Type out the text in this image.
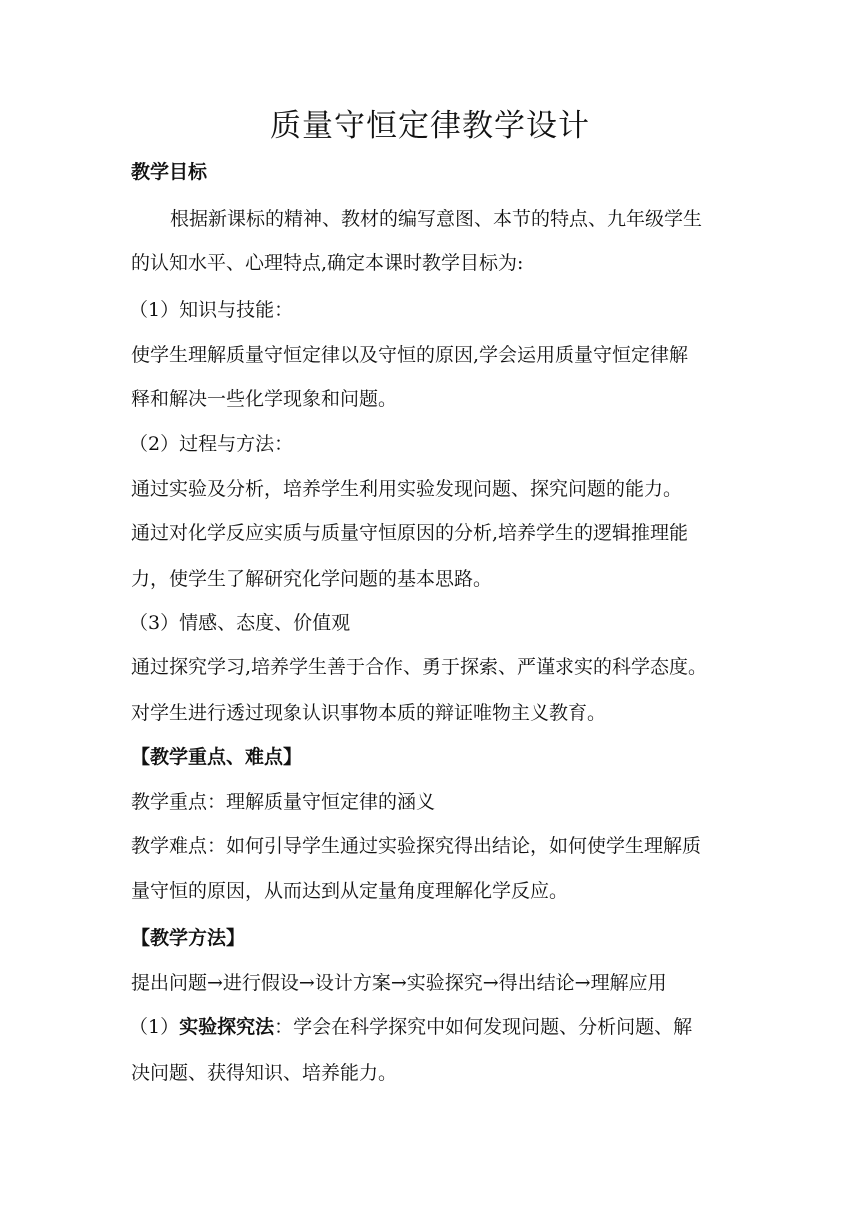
质量守恒定律教学设计

教学目标

根据新课标的精神、教材的编写意图、本节的特点、九年级学生

的认知水平、心理特点,确定本课时教学目标为:

（1）知识与技能：

使学生理解质量守恒定律以及守恒的原因,学会运用质量守恒定律解

释和解决一些化学现象和问题。

（2）过程与方法：

通过实验及分析，培养学生利用实验发现问题、探究问题的能力。

通过对化学反应实质与质量守恒原因的分析,培养学生的逻辑推理能

力，使学生了解研究化学问题的基本思路。

（3）情感、态度、价值观

通过探究学习,培养学生善于合作、勇于探索、严谨求实的科学态度。

对学生进行透过现象认识事物本质的辩证唯物主义教育。

【教学重点、难点】

教学重点：理解质量守恒定律的涵义

教学难点：如何引导学生通过实验探究得出结论，如何使学生理解质

量守恒的原因，从而达到从定量角度理解化学反应。

【教学方法】

提出问题→进行假设→设计方案→实验探究→得出结论→理解应用

（1）实验探究法：学会在科学探究中如何发现问题、分析问题、解

决问题、获得知识、培养能力。
